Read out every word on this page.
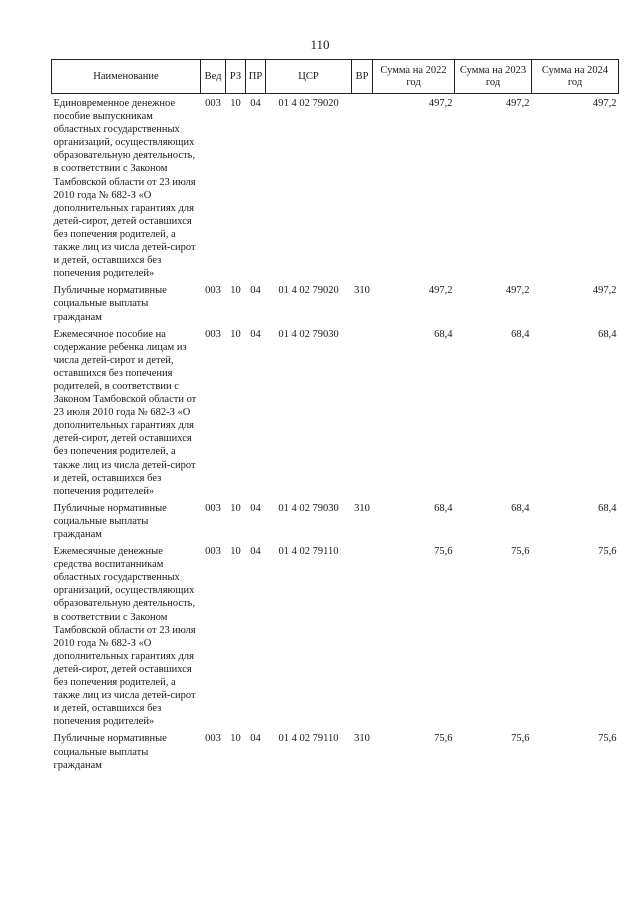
110
Наименование	Вед	РЗ	ПР	ЦСР	ВР	Сумма на 2022 год	Сумма на 2023 год	Сумма на 2024 год
Единовременное денежное пособие выпускникам областных государственных организаций, осуществляющих образовательную деятельность, в соответствии с Законом Тамбовской области от 23 июля 2010 года № 682-З «О дополнительных гарантиях для детей-сирот, детей оставшихся без попечения родителей, а также лиц из числа детей-сирот и детей, оставшихся без попечения родителей»	003	10	04	01 4 02 79020		497,2	497,2	497,2
Публичные нормативные социальные выплаты гражданам	003	10	04	01 4 02 79020	310	497,2	497,2	497,2
Ежемесячное пособие на содержание ребенка лицам из числа детей-сирот и детей, оставшихся без попечения родителей, в соответствии с Законом Тамбовской области от 23 июля 2010 года № 682-З «О дополнительных гарантиях для детей-сирот, детей оставшихся без попечения родителей, а также лиц из числа детей-сирот и детей, оставшихся без попечения родителей»	003	10	04	01 4 02 79030		68,4	68,4	68,4
Публичные нормативные социальные выплаты гражданам	003	10	04	01 4 02 79030	310	68,4	68,4	68,4
Ежемесячные денежные средства воспитанникам областных государственных организаций, осуществляющих образовательную деятельность, в соответствии с Законом Тамбовской области от 23 июля 2010 года № 682-З «О дополнительных гарантиях для детей-сирот, детей оставшихся без попечения родителей, а также лиц из числа детей-сирот и детей, оставшихся без попечения родителей»	003	10	04	01 4 02 79110		75,6	75,6	75,6
Публичные нормативные социальные выплаты гражданам	003	10	04	01 4 02 79110	310	75,6	75,6	75,6
